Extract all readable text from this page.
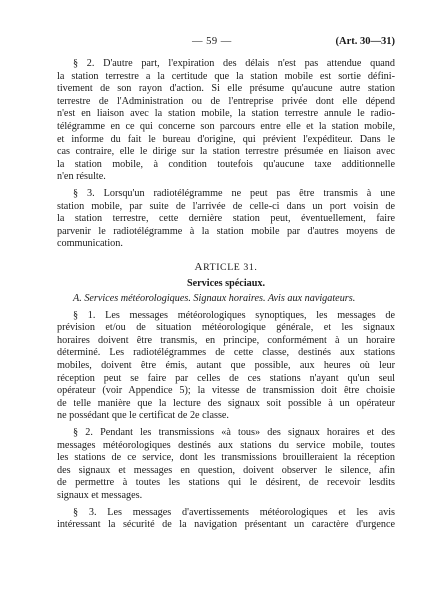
— 59 —	(Art. 30—31)

§ 2. D'autre part, l'expiration des délais n'est pas attendue quand
la station terrestre a la certitude que la station mobile est sortie défini-
tivement de son rayon d'action. Si elle présume qu'aucune autre station
terrestre de l'Administration ou de l'entreprise privée dont elle dépend
n'est en liaison avec la station mobile, la station terrestre annule le radio-
télégramme en ce qui concerne son parcours entre elle et la station mobile,
et informe du fait le bureau d'origine, qui prévient l'expéditeur. Dans le
cas contraire, elle le dirige sur la station terrestre présumée en liaison avec
la station mobile, à condition toutefois qu'aucune taxe additionnelle
n'en résulte.

§ 3. Lorsqu'un radiotélégramme ne peut pas être transmis à une
station mobile, par suite de l'arrivée de celle-ci dans un port voisin de
la station terrestre, cette dernière station peut, éventuellement, faire
parvenir le radiotélégramme à la station mobile par d'autres moyens de
communication.

ARTICLE 31.
Services spéciaux.
A. Services météorologiques. Signaux horaires. Avis aux navigateurs.

§ 1. Les messages météorologiques synoptiques, les messages de
prévision et/ou de situation météorologique générale, et les signaux
horaires doivent être transmis, en principe, conformément à un horaire
déterminé. Les radiotélégrammes de cette classe, destinés aux stations
mobiles, doivent être émis, autant que possible, aux heures où leur
réception peut se faire par celles de ces stations n'ayant qu'un seul
opérateur (voir Appendice 5); la vitesse de transmission doit être choisie
de telle manière que la lecture des signaux soit possible à un opérateur
ne possédant que le certificat de 2e classe.

§ 2. Pendant les transmissions «à tous» des signaux horaires et des
messages météorologiques destinés aux stations du service mobile, toutes
les stations de ce service, dont les transmissions brouilleraient la réception
des signaux et messages en question, doivent observer le silence, afin
de permettre à toutes les stations qui le désirent, de recevoir lesdits
signaux et messages.

§ 3. Les messages d'avertissements météorologiques et les avis
intéressant la sécurité de la navigation présentant un caractère d'urgence
